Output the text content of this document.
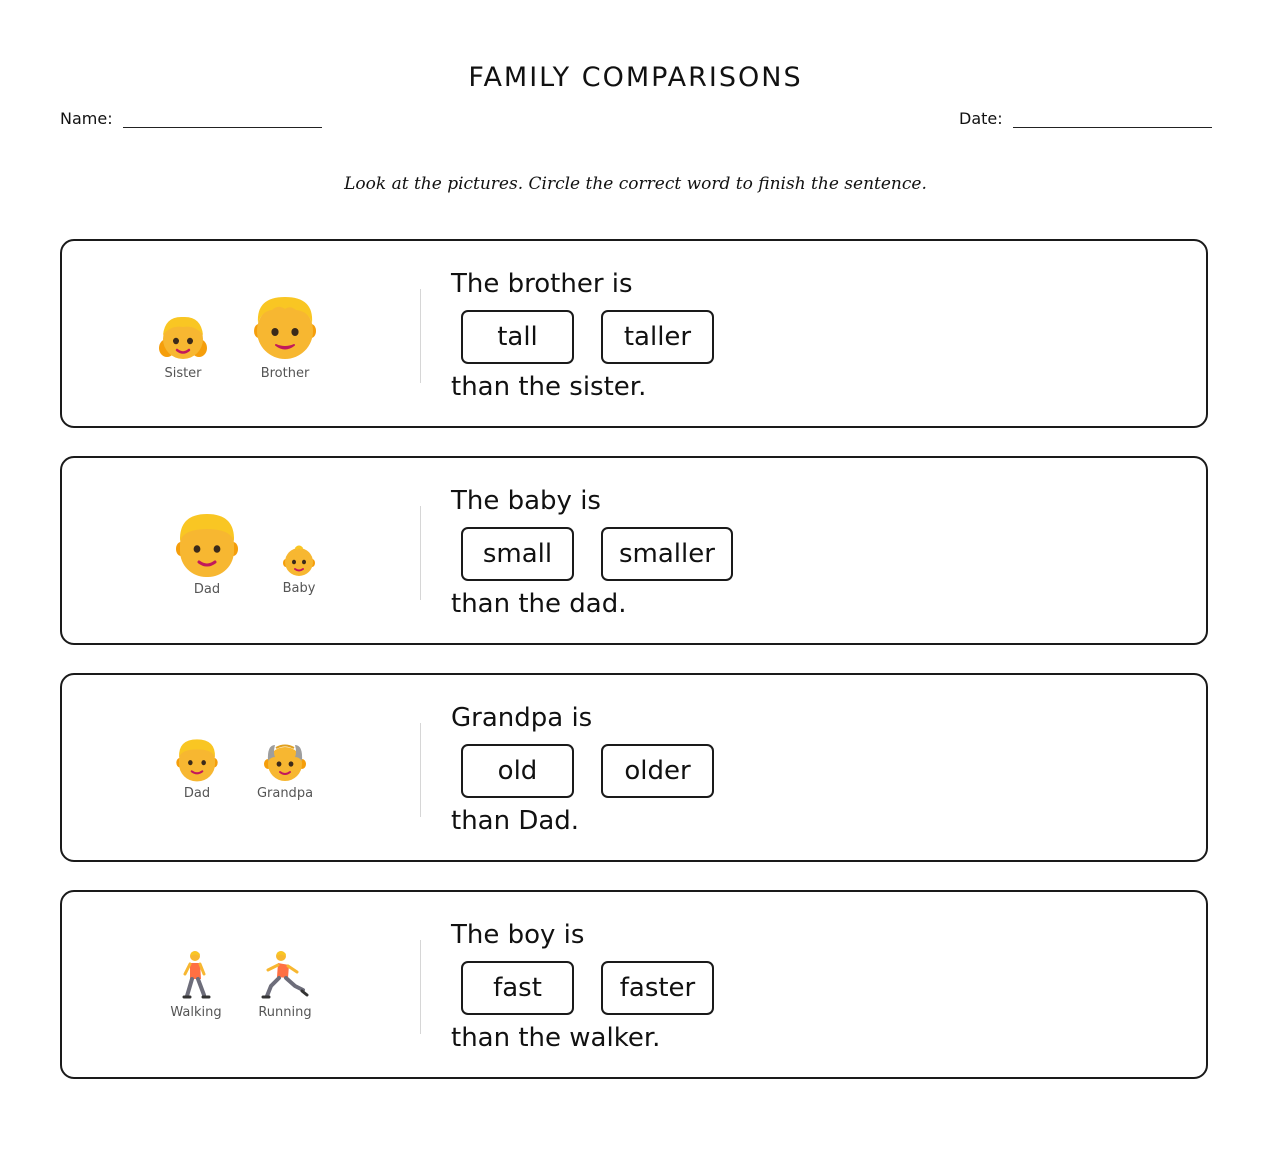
FAMILY COMPARISONS
Name:	Date:
Look at the pictures. Circle the correct word to finish the sentence.
Sister	Brother
The brother is
tall	taller
than the sister.
Dad	Baby
The baby is
small	smaller
than the dad.
Dad	Grandpa
Grandpa is
old	older
than Dad.
Walking	Running
The boy is
fast	faster
than the walker.
